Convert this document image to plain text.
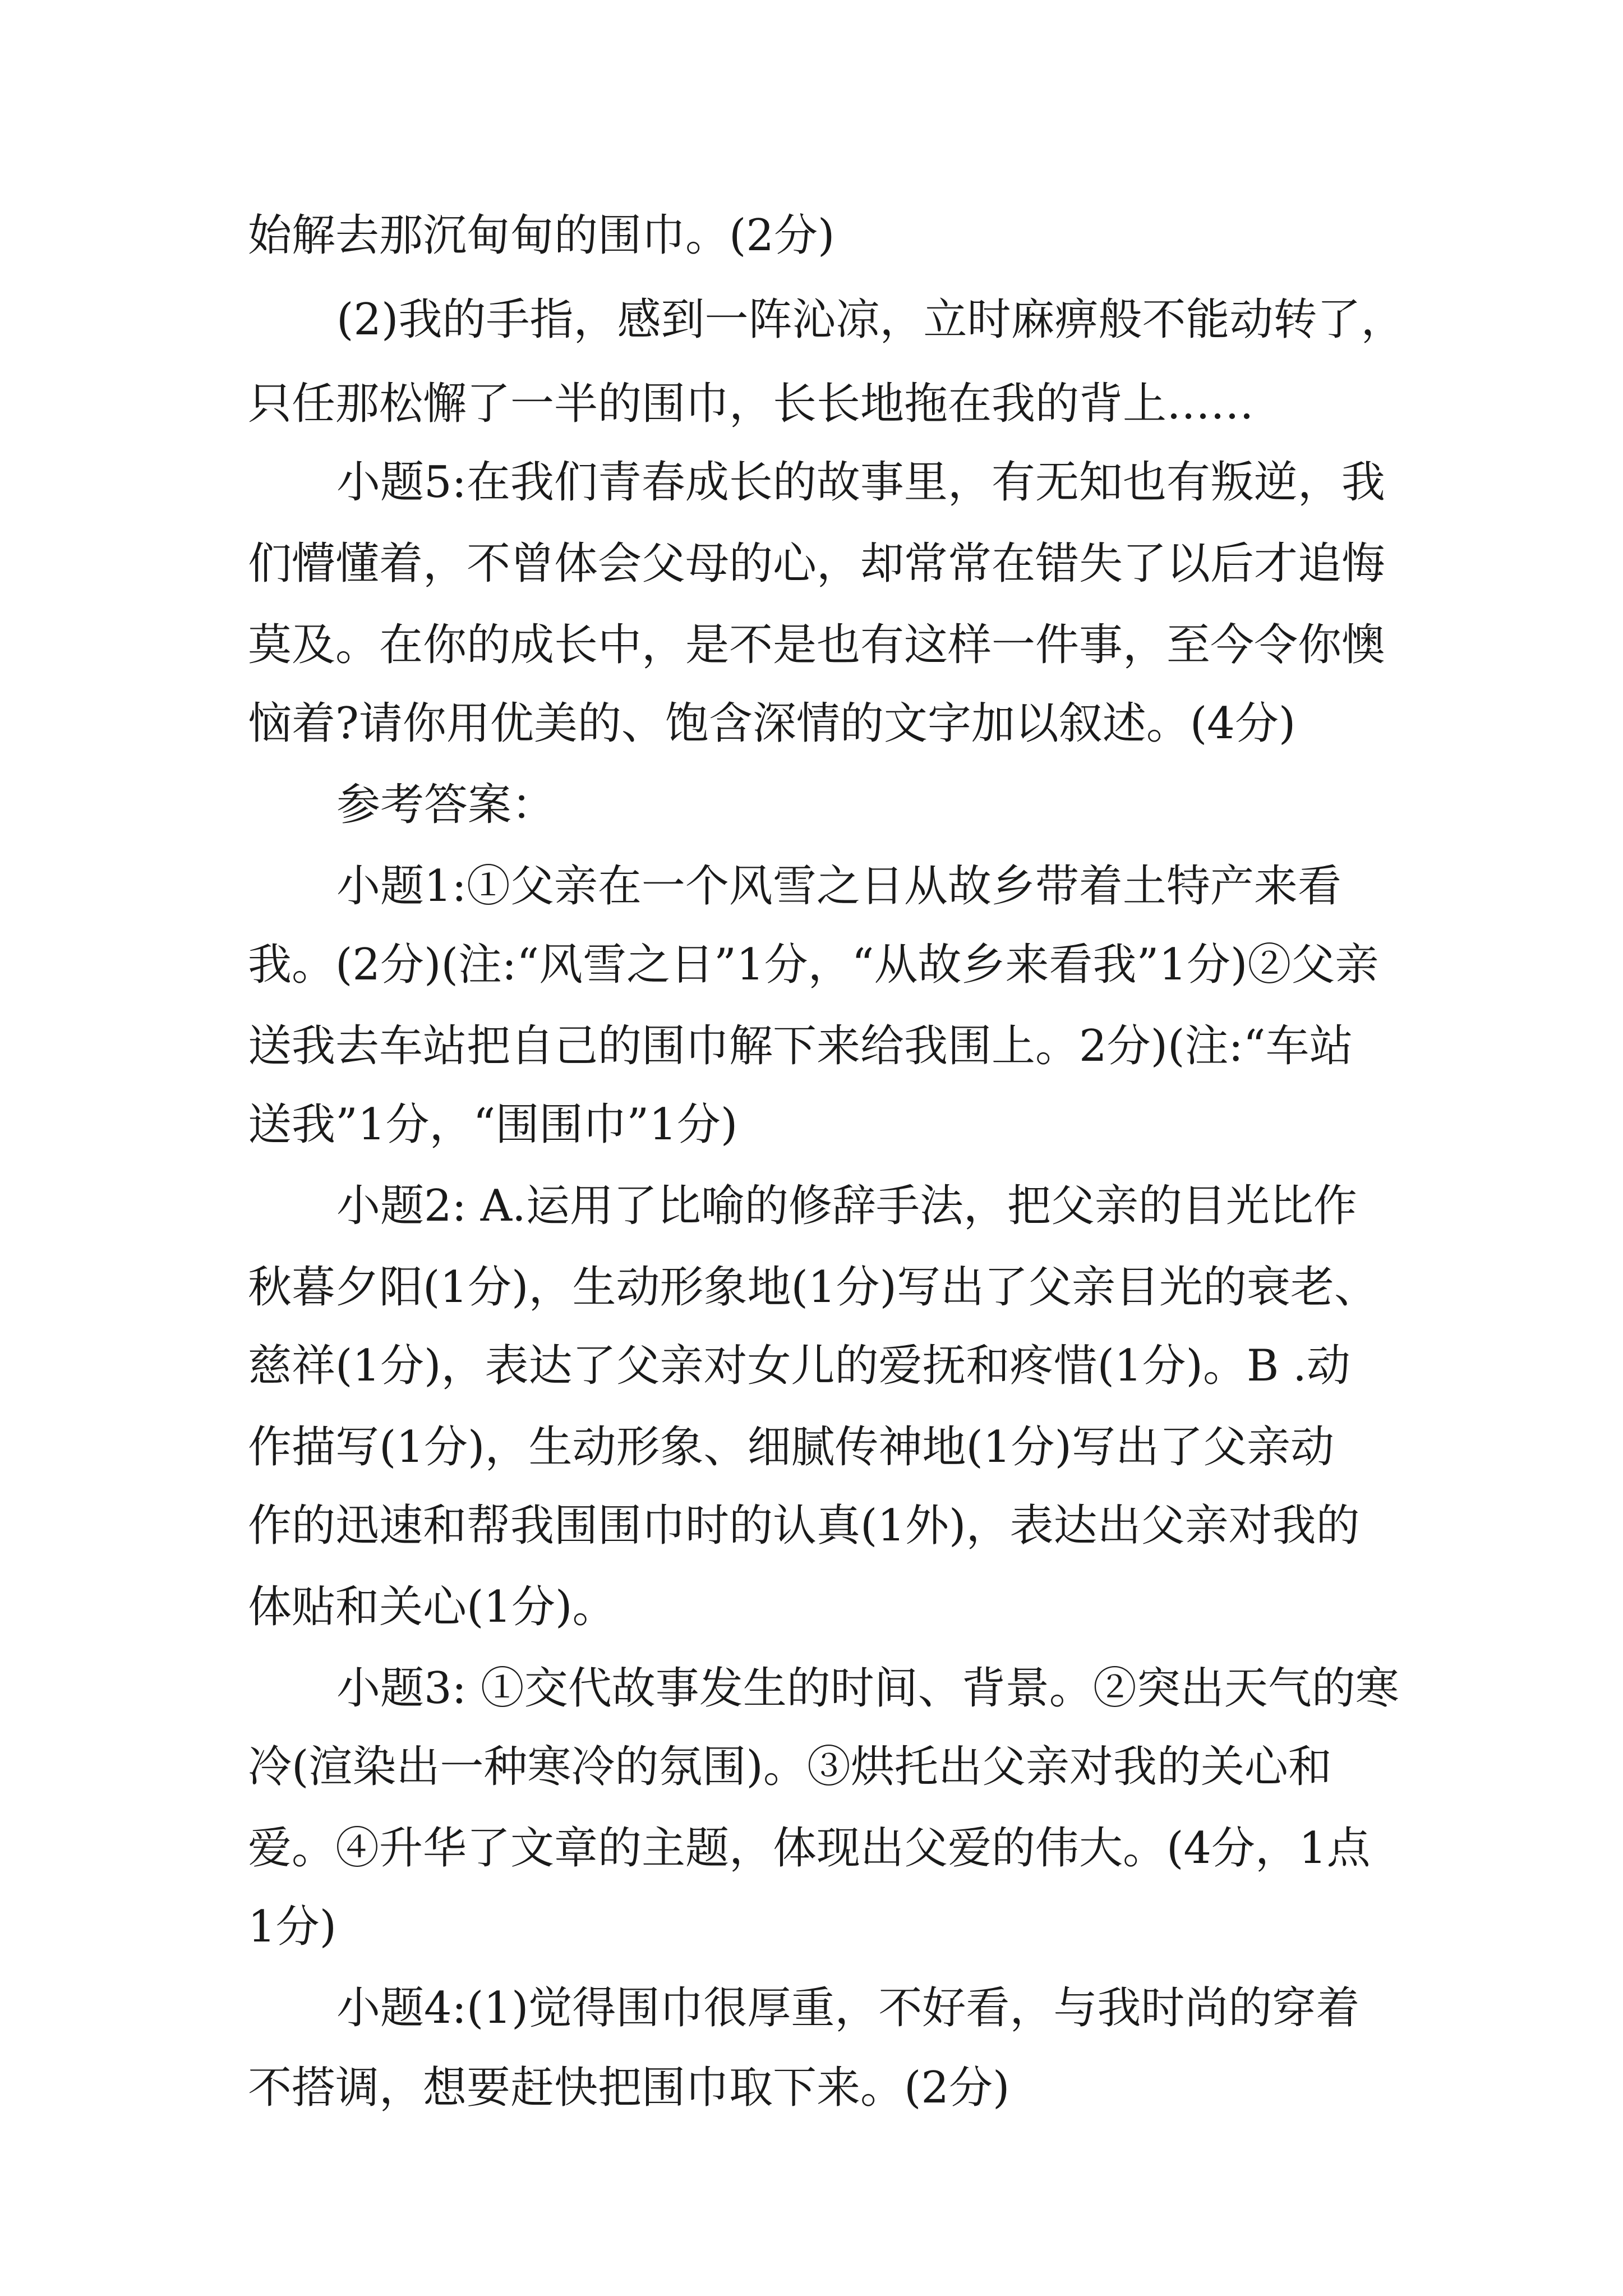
始解去那沉甸甸的围巾。(2分)
(2)我的手指，感到一阵沁凉，立时麻痹般不能动转了，
只任那松懈了一半的围巾，长长地拖在我的背上……
小题5:在我们青春成长的故事里，有无知也有叛逆，我
们懵懂着，不曾体会父母的心，却常常在错失了以后才追悔
莫及。在你的成长中，是不是也有这样一件事，至今令你懊
恼着?请你用优美的、饱含深情的文字加以叙述。(4分)
参考答案：
小题1:①父亲在一个风雪之日从故乡带着土特产来看
我。(2分)(注:“风雪之日”1分，“从故乡来看我”1分)②父亲
送我去车站把自己的围巾解下来给我围上。2分)(注:“车站
送我”1分，“围围巾”1分)
小题2: A.运用了比喻的修辞手法，把父亲的目光比作
秋暮夕阳(1分)，生动形象地(1分)写出了父亲目光的衰老、
慈祥(1分)，表达了父亲对女儿的爱抚和疼惜(1分)。B .动
作描写(1分)，生动形象、细腻传神地(1分)写出了父亲动
作的迅速和帮我围围巾时的认真(1外)，表达出父亲对我的
体贴和关心(1分)。
小题3: ①交代故事发生的时间、背景。②突出天气的寒
冷(渲染出一种寒冷的氛围)。③烘托出父亲对我的关心和
爱。④升华了文章的主题，体现出父爱的伟大。(4分，1点
1分)
小题4:(1)觉得围巾很厚重，不好看，与我时尚的穿着
不搭调，想要赶快把围巾取下来。(2分)
